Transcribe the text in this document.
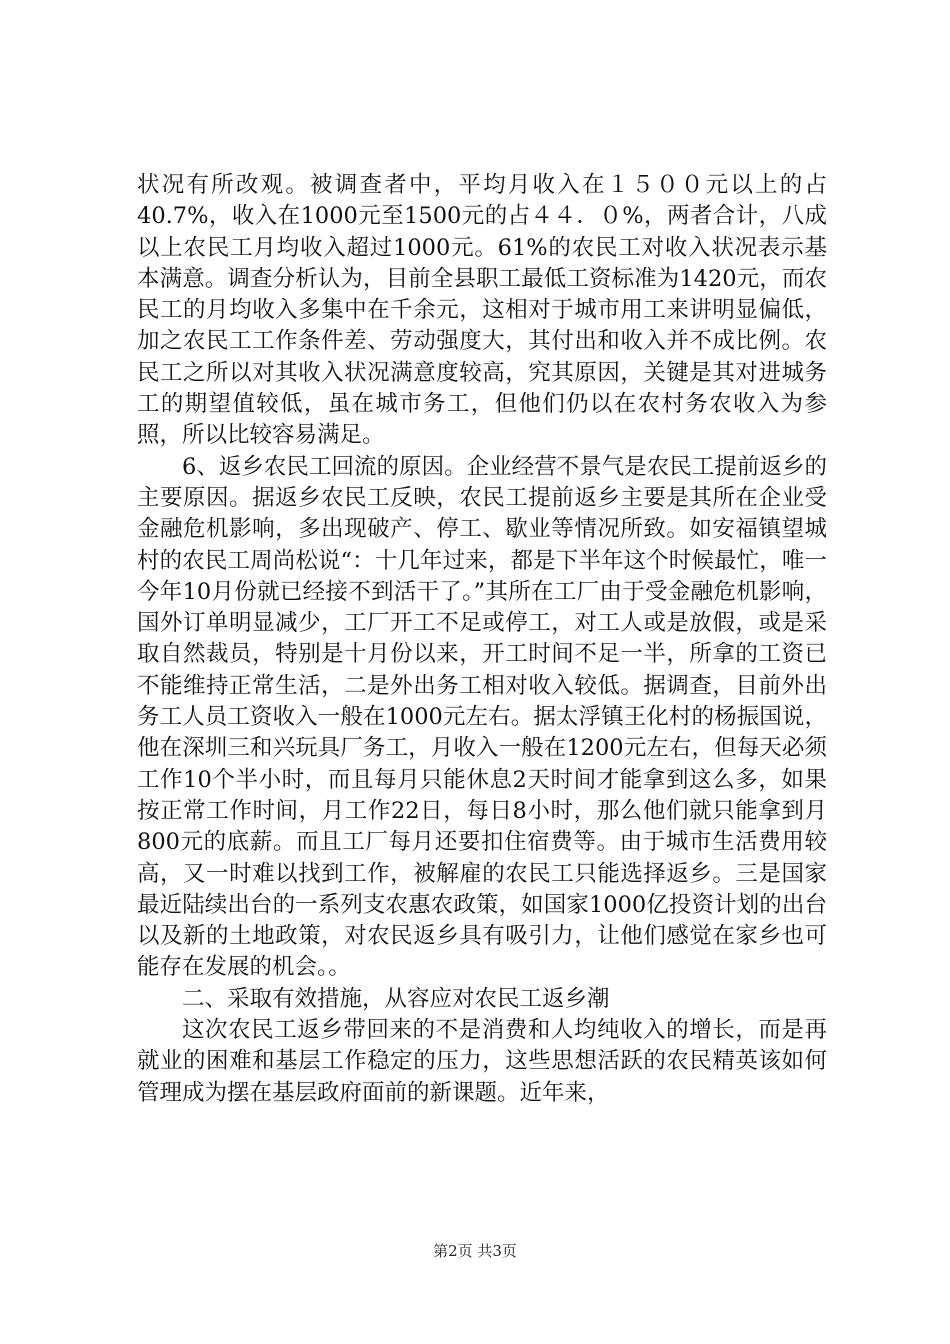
状况有所改观。被调查者中，平均月收入在１５００元以上的占40.7%，收入在1000元至1500元的占４４．０%，两者合计，八成以上农民工月均收入超过1000元。61%的农民工对收入状况表示基本满意。调查分析认为，目前全县职工最低工资标准为1420元，而农民工的月均收入多集中在千余元，这相对于城市用工来讲明显偏低，加之农民工工作条件差、劳动强度大，其付出和收入并不成比例。农民工之所以对其收入状况满意度较高，究其原因，关键是其对进城务工的期望值较低，虽在城市务工，但他们仍以在农村务农收入为参照，所以比较容易满足。

6、返乡农民工回流的原因。企业经营不景气是农民工提前返乡的主要原因。据返乡农民工反映，农民工提前返乡主要是其所在企业受金融危机影响，多出现破产、停工、歇业等情况所致。如安福镇望城村的农民工周尚松说“：十几年过来，都是下半年这个时候最忙，唯一今年10月份就已经接不到活干了。”其所在工厂由于受金融危机影响，国外订单明显减少，工厂开工不足或停工，对工人或是放假，或是采取自然裁员，特别是十月份以来，开工时间不足一半，所拿的工资已不能维持正常生活，二是外出务工相对收入较低。据调查，目前外出务工人员工资收入一般在1000元左右。据太浮镇王化村的杨振国说，他在深圳三和兴玩具厂务工，月收入一般在1200元左右，但每天必须工作10个半小时，而且每月只能休息2天时间才能拿到这么多，如果按正常工作时间，月工作22日，每日8小时，那么他们就只能拿到月800元的底薪。而且工厂每月还要扣住宿费等。由于城市生活费用较高，又一时难以找到工作，被解雇的农民工只能选择返乡。三是国家最近陆续出台的一系列支农惠农政策，如国家1000亿投资计划的出台以及新的土地政策，对农民返乡具有吸引力，让他们感觉在家乡也可能存在发展的机会。。

二、采取有效措施，从容应对农民工返乡潮

这次农民工返乡带回来的不是消费和人均纯收入的增长，而是再就业的困难和基层工作稳定的压力，这些思想活跃的农民精英该如何管理成为摆在基层政府面前的新课题。近年来，

第2页 共3页
